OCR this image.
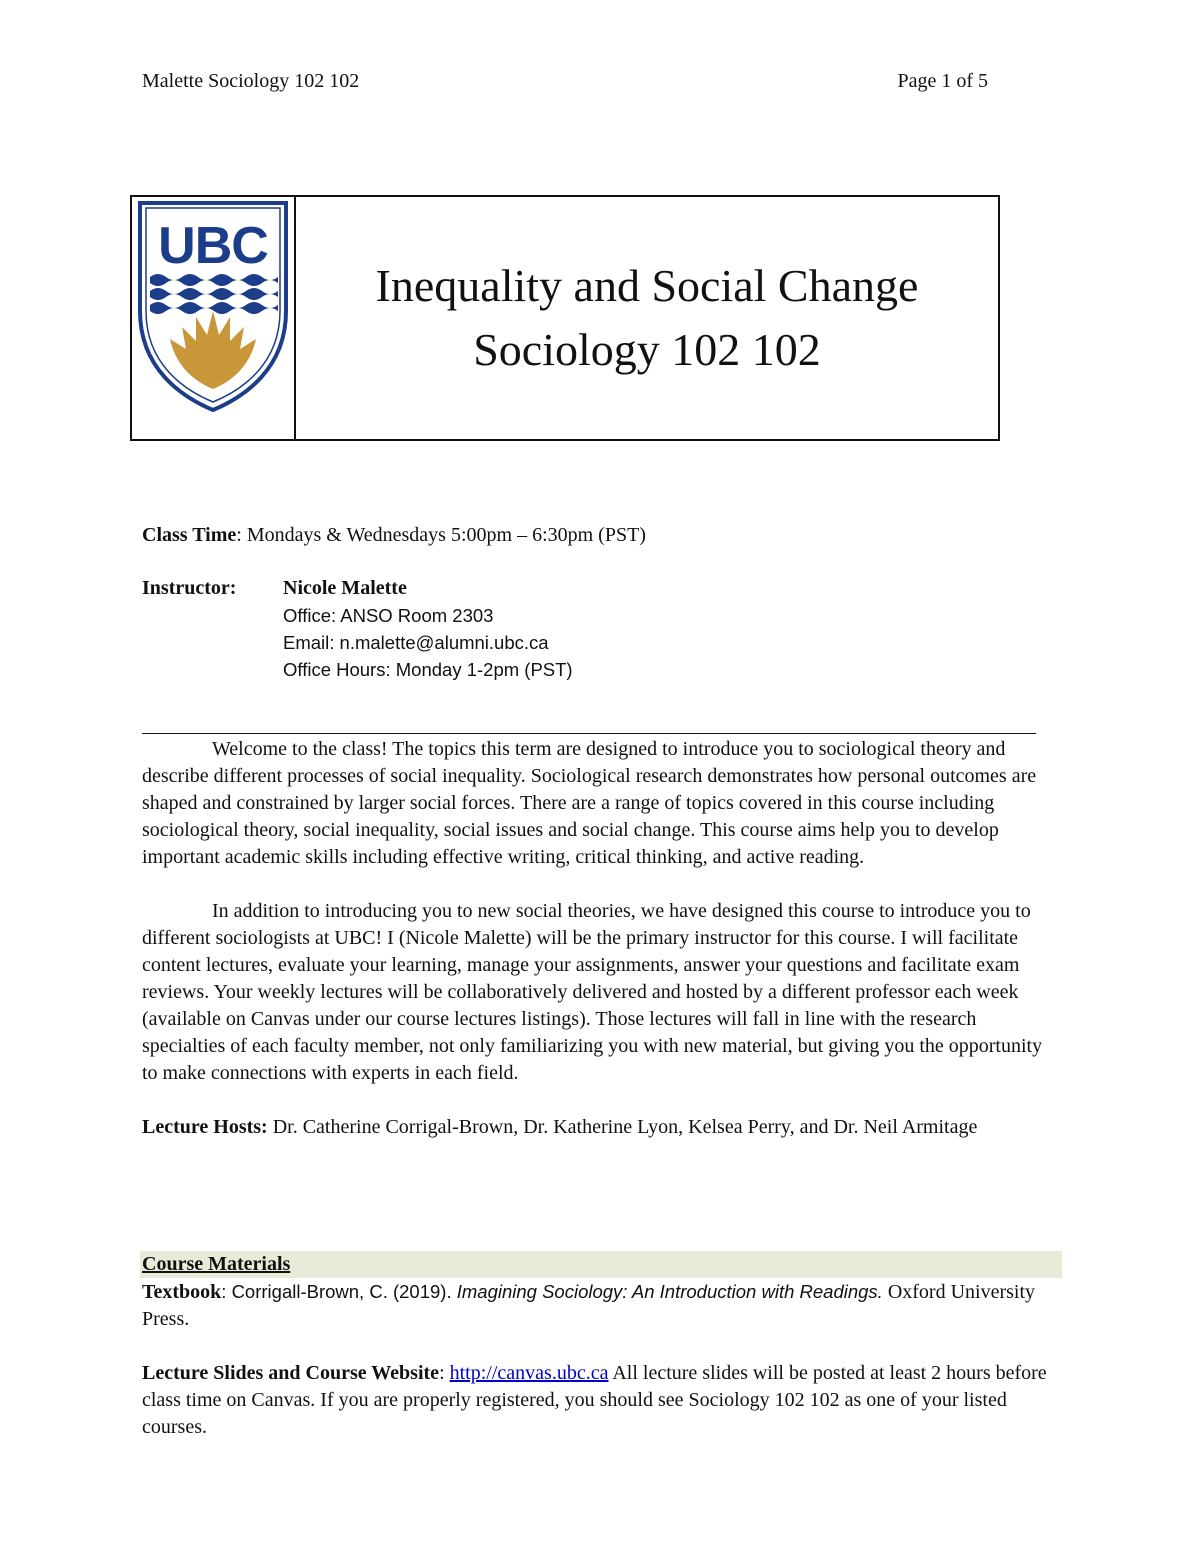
Malette Sociology 102 102	Page 1 of 5
UBC
Inequality and Social Change
Sociology 102 102
Class Time: Mondays & Wednesdays 5:00pm – 6:30pm (PST)
Instructor: Nicole Malette
Office: ANSO Room 2303
Email: n.malette@alumni.ubc.ca
Office Hours: Monday 1-2pm (PST)

Welcome to the class! The topics this term are designed to introduce you to sociological theory and describe different processes of social inequality. Sociological research demonstrates how personal outcomes are shaped and constrained by larger social forces. There are a range of topics covered in this course including sociological theory, social inequality, social issues and social change. This course aims help you to develop important academic skills including effective writing, critical thinking, and active reading.

In addition to introducing you to new social theories, we have designed this course to introduce you to different sociologists at UBC! I (Nicole Malette) will be the primary instructor for this course. I will facilitate content lectures, evaluate your learning, manage your assignments, answer your questions and facilitate exam reviews. Your weekly lectures will be collaboratively delivered and hosted by a different professor each week (available on Canvas under our course lectures listings). Those lectures will fall in line with the research specialties of each faculty member, not only familiarizing you with new material, but giving you the opportunity to make connections with experts in each field.

Lecture Hosts: Dr. Catherine Corrigal-Brown, Dr. Katherine Lyon, Kelsea Perry, and Dr. Neil Armitage

Course Materials

Textbook: Corrigall-Brown, C. (2019). Imagining Sociology: An Introduction with Readings. Oxford University Press.

Lecture Slides and Course Website: http://canvas.ubc.ca All lecture slides will be posted at least 2 hours before class time on Canvas. If you are properly registered, you should see Sociology 102 102 as one of your listed courses.
